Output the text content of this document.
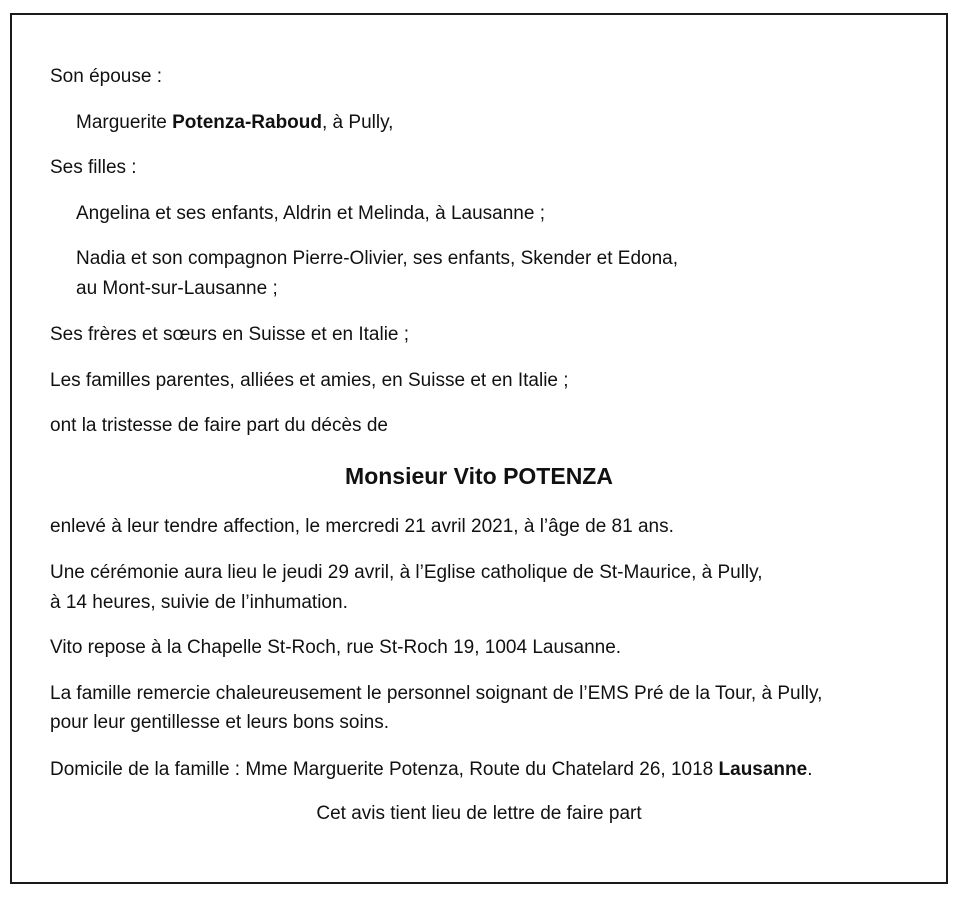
Son épouse :
Marguerite Potenza-Raboud, à Pully,
Ses filles :
Angelina et ses enfants, Aldrin et Melinda, à Lausanne ;
Nadia et son compagnon Pierre-Olivier, ses enfants, Skender et Edona,
au Mont-sur-Lausanne ;
Ses frères et sœurs en Suisse et en Italie ;
Les familles parentes, alliées et amies, en Suisse et en Italie ;
ont la tristesse de faire part du décès de
Monsieur Vito POTENZA
enlevé à leur tendre affection, le mercredi 21 avril 2021, à l’âge de 81 ans.
Une cérémonie aura lieu le jeudi 29 avril, à l’Eglise catholique de St-Maurice, à Pully,
à 14 heures, suivie de l’inhumation.
Vito repose à la Chapelle St-Roch, rue St-Roch 19, 1004 Lausanne.
La famille remercie chaleureusement le personnel soignant de l’EMS Pré de la Tour, à Pully,
pour leur gentillesse et leurs bons soins.
Domicile de la famille : Mme Marguerite Potenza, Route du Chatelard 26, 1018 Lausanne.
Cet avis tient lieu de lettre de faire part
